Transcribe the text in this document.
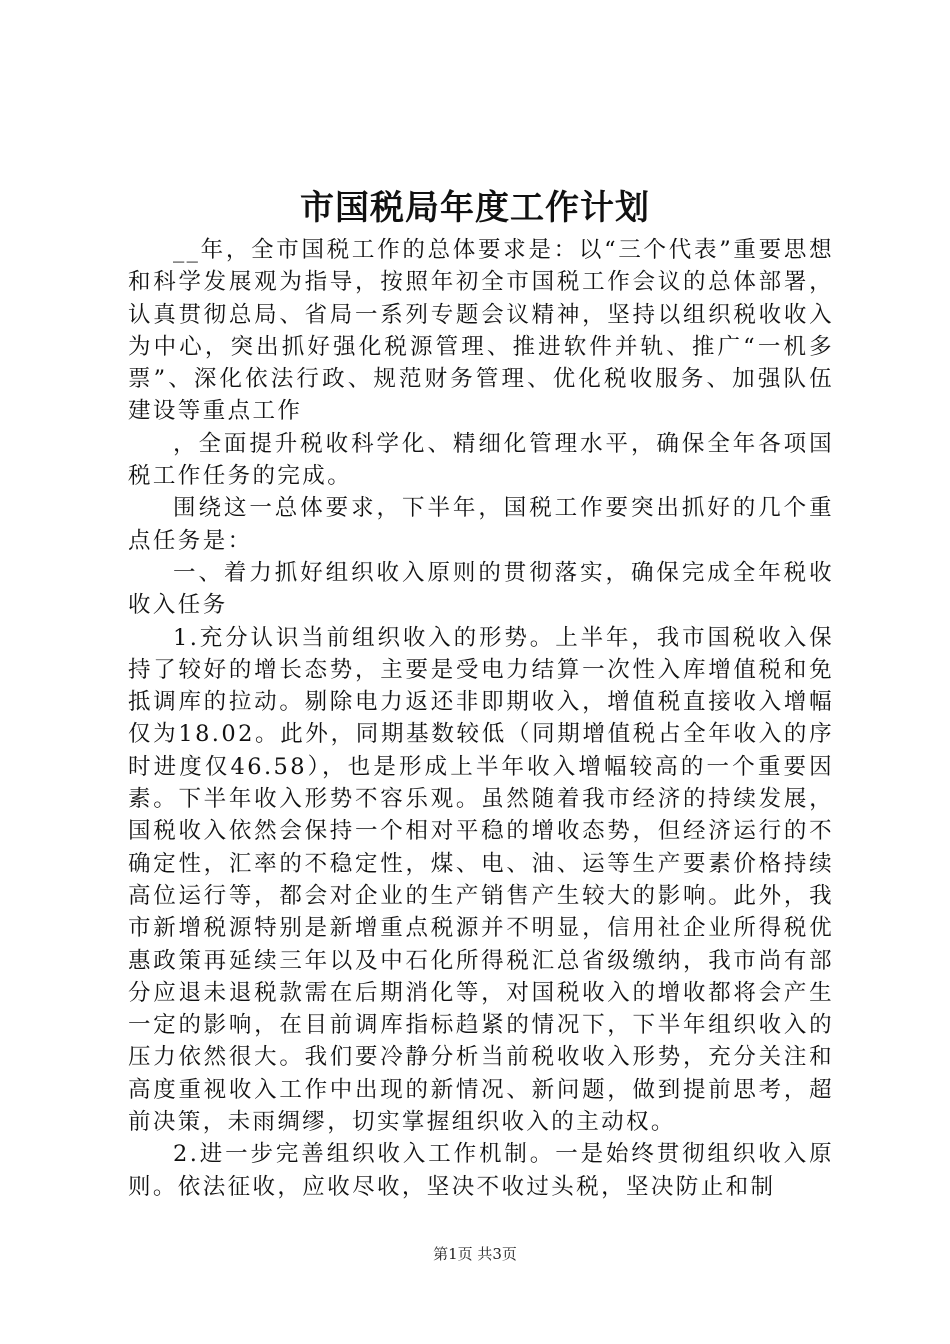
市国税局年度工作计划

__年，全市国税工作的总体要求是：以“三个代表”重要思想和科学发展观为指导，按照年初全市国税工作会议的总体部署，认真贯彻总局、省局一系列专题会议精神，坚持以组织税收收入为中心，突出抓好强化税源管理、推进软件并轨、推广“一机多票”、深化依法行政、规范财务管理、优化税收服务、加强队伍建设等重点工作

，全面提升税收科学化、精细化管理水平，确保全年各项国税工作任务的完成。

围绕这一总体要求，下半年，国税工作要突出抓好的几个重点任务是：

一、着力抓好组织收入原则的贯彻落实，确保完成全年税收收入任务

1.充分认识当前组织收入的形势。上半年，我市国税收入保持了较好的增长态势，主要是受电力结算一次性入库增值税和免抵调库的拉动。剔除电力返还非即期收入，增值税直接收入增幅仅为18.02。此外，同期基数较低（同期增值税占全年收入的序时进度仅46.58），也是形成上半年收入增幅较高的一个重要因素。下半年收入形势不容乐观。虽然随着我市经济的持续发展，国税收入依然会保持一个相对平稳的增收态势，但经济运行的不确定性，汇率的不稳定性，煤、电、油、运等生产要素价格持续高位运行等，都会对企业的生产销售产生较大的影响。此外，我市新增税源特别是新增重点税源并不明显，信用社企业所得税优惠政策再延续三年以及中石化所得税汇总省级缴纳，我市尚有部分应退未退税款需在后期消化等，对国税收入的增收都将会产生一定的影响，在目前调库指标趋紧的情况下，下半年组织收入的压力依然很大。我们要冷静分析当前税收收入形势，充分关注和高度重视收入工作中出现的新情况、新问题，做到提前思考，超前决策，未雨绸缪，切实掌握组织收入的主动权。

2.进一步完善组织收入工作机制。一是始终贯彻组织收入原则。依法征收，应收尽收，坚决不收过头税，坚决防止和制

第1页 共3页
